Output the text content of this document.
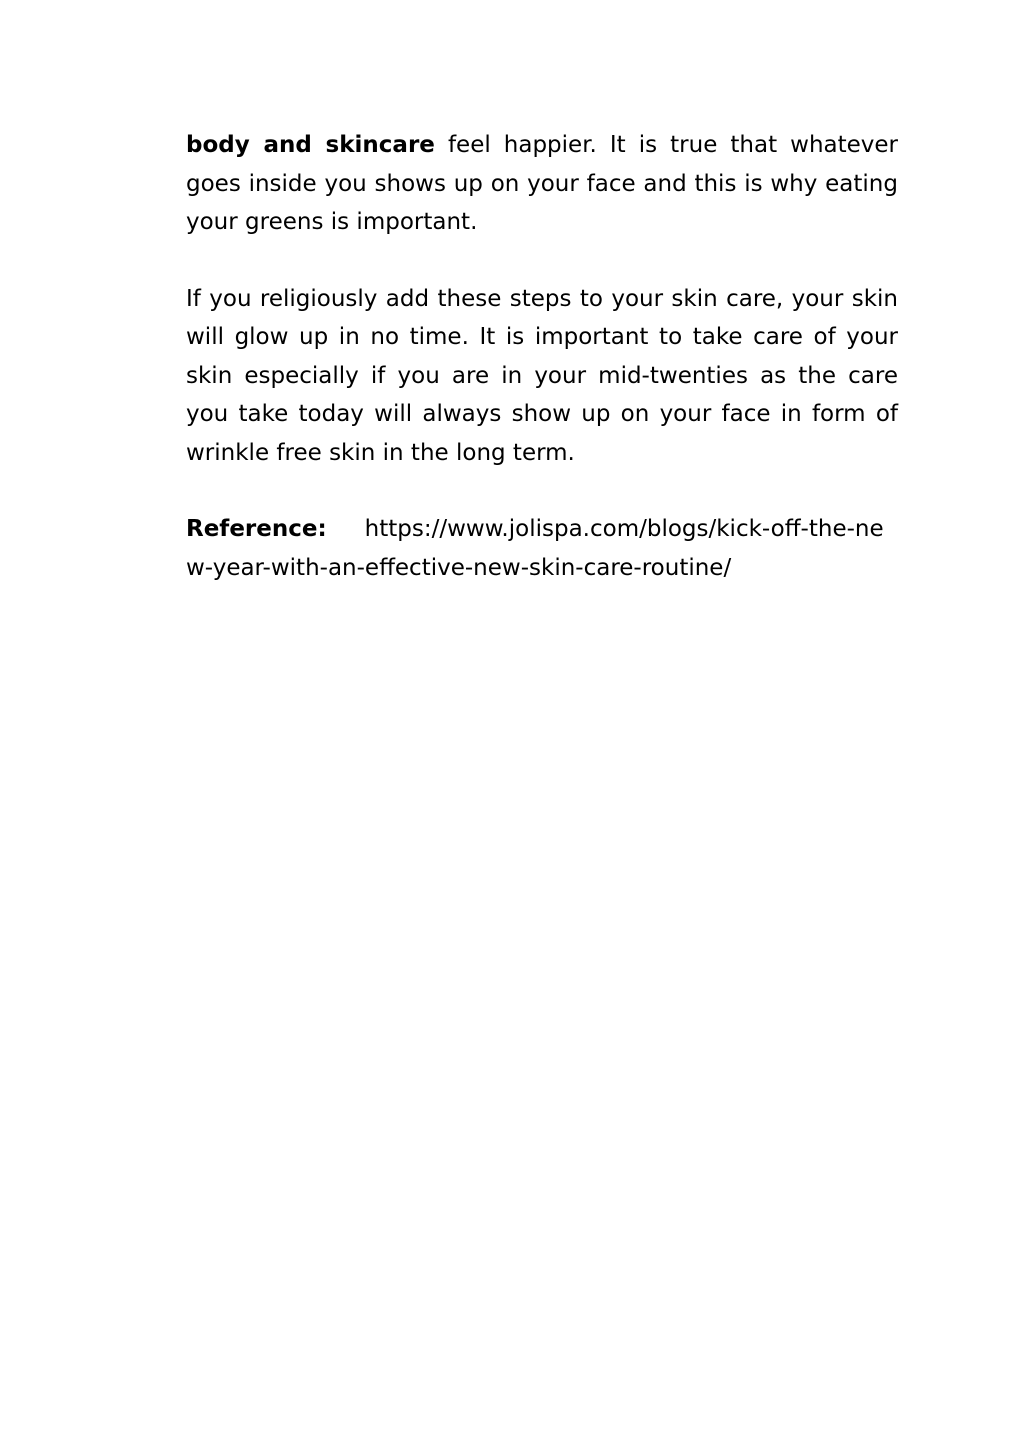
body and skincare feel happier. It is true that whatever goes inside you shows up on your face and this is why eating your greens is important.

If you religiously add these steps to your skin care, your skin will glow up in no time. It is important to take care of your skin especially if you are in your mid-twenties as the care you take today will always show up on your face in form of wrinkle free skin in the long term.

Reference: https://www.jolispa.com/blogs/kick-off-the-new-year-with-an-effective-new-skin-care-routine/
